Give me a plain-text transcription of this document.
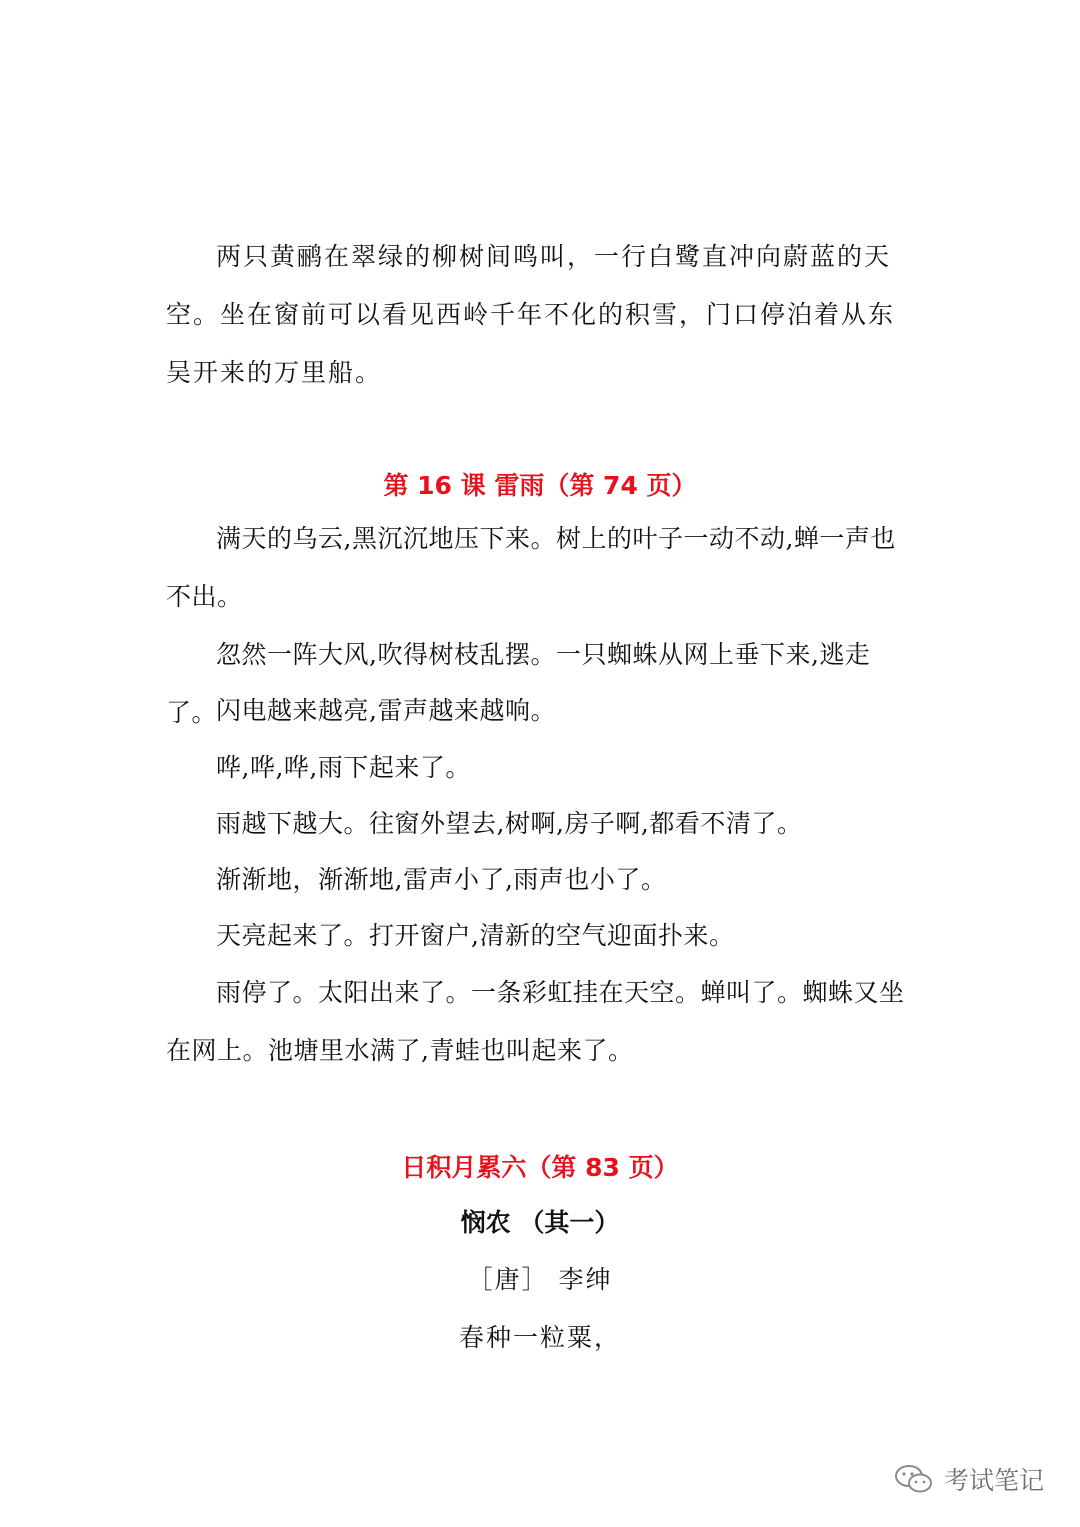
两只黄鹂在翠绿的柳树间鸣叫，一行白鹭直冲向蔚蓝的天空。坐在窗前可以看见西岭千年不化的积雪，门口停泊着从东吴开来的万里船。

第 16 课 雷雨（第 74 页）

满天的乌云,黑沉沉地压下来。树上的叶子一动不动,蝉一声也不出。

忽然一阵大风,吹得树枝乱摆。一只蜘蛛从网上垂下来,逃走了。

闪电越来越亮,雷声越来越响。

哗,哗,哗,雨下起来了。

雨越下越大。往窗外望去,树啊,房子啊,都看不清了。

渐渐地，渐渐地,雷声小了,雨声也小了。

天亮起来了。打开窗户,清新的空气迎面扑来。

雨停了。太阳出来了。一条彩虹挂在天空。蝉叫了。蜘蛛又坐在网上。池塘里水满了,青蛙也叫起来了。

日积月累六（第 83 页）
悯农 （其一）

［唐］ 李绅

春种一粒粟，

考试笔记
